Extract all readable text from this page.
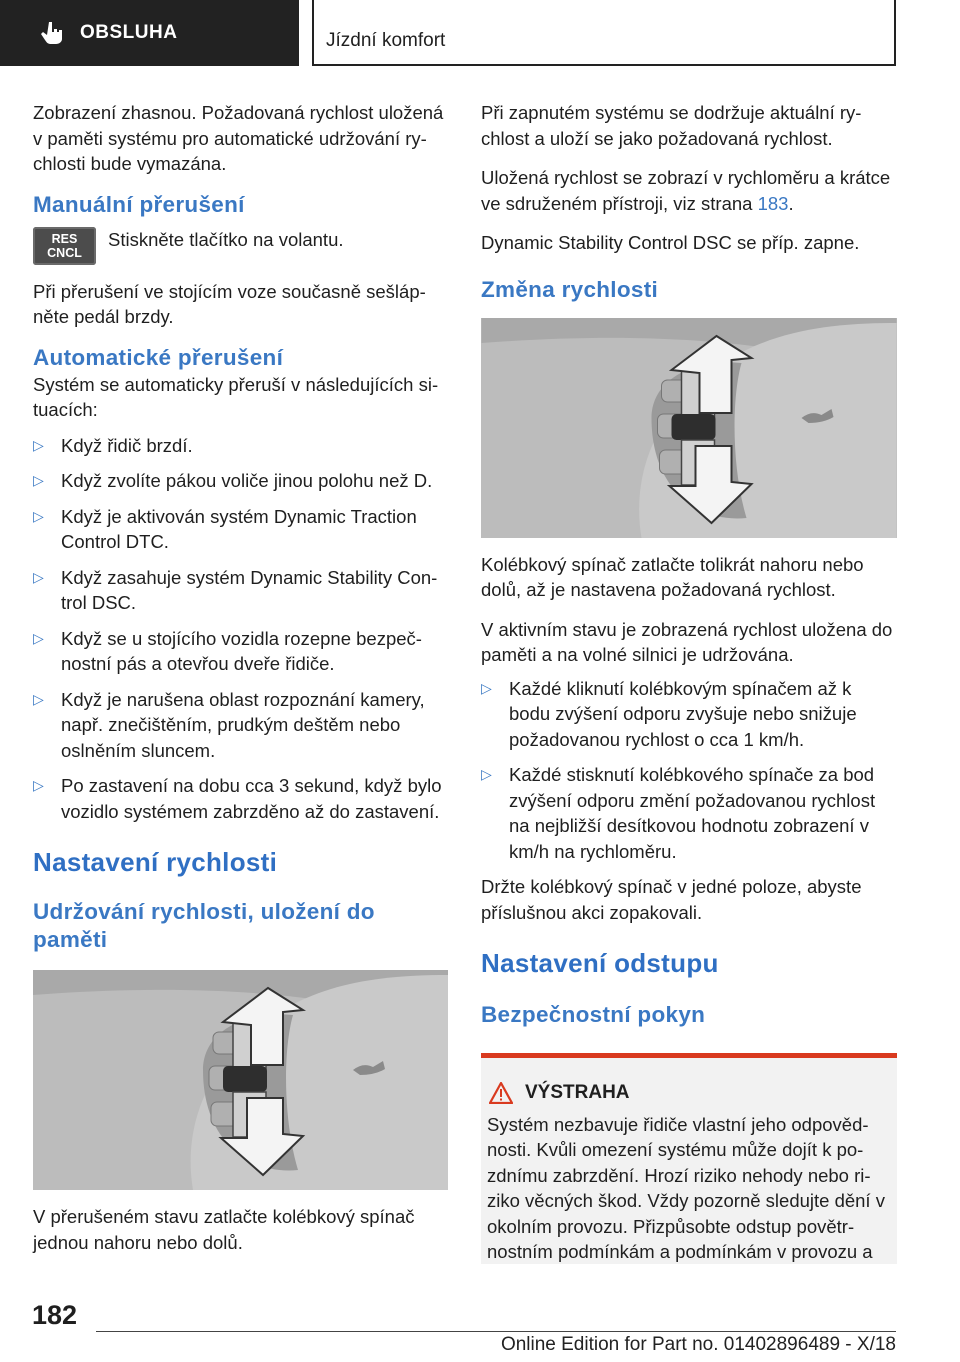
OBSLUHA	Jízdní komfort

Zobrazení zhasnou. Požadovaná rychlost uložená v paměti systému pro automatické udržování rychlosti bude vymazána.

Manuální přerušení
RES
CNCL
Stiskněte tlačítko na volantu.

Při přerušení ve stojícím voze současně sešlápněte pedál brzdy.

Automatické přerušení

Systém se automaticky přeruší v následujících situacích:

▷ Když řidič brzdí.
▷ Když zvolíte pákou voliče jinou polohu než D.
▷ Když je aktivován systém Dynamic Traction Control DTC.
▷ Když zasahuje systém Dynamic Stability Control DSC.
▷ Když se u stojícího vozidla rozepne bezpečnostní pás a otevřou dveře řidiče.
▷ Když je narušena oblast rozpoznání kamery, např. znečištěním, prudkým deštěm nebo oslněním sluncem.
▷ Po zastavení na dobu cca 3 sekund, když bylo vozidlo systémem zabrzděno až do zastavení.
Nastavení rychlosti
Udržování rychlosti, uložení do paměti

V přerušeném stavu zatlačte kolébkový spínač jednou nahoru nebo dolů.

Při zapnutém systému se dodržuje aktuální rychlost a uloží se jako požadovaná rychlost.

Uložená rychlost se zobrazí v rychloměru a krátce ve sdruženém přístroji, viz strana 183.

Dynamic Stability Control DSC se příp. zapne.

Změna rychlosti

Kolébkový spínač zatlačte tolikrát nahoru nebo dolů, až je nastavena požadovaná rychlost.

V aktivním stavu je zobrazená rychlost uložena do paměti a na volné silnici je udržována.

▷ Každé kliknutí kolébkovým spínačem až k bodu zvýšení odporu zvyšuje nebo snižuje požadovanou rychlost o cca 1 km/h.
▷ Každé stisknutí kolébkového spínače za bod zvýšení odporu změní požadovanou rychlost na nejbližší desítkovou hodnotu zobrazení v km/h na rychloměru.

Držte kolébkový spínač v jedné poloze, abyste příslušnou akci zopakovali.

Nastavení odstupu
Bezpečnostní pokyn
VÝSTRAHA
Systém nezbavuje řidiče vlastní jeho odpovědnosti. Kvůli omezení systému může dojít k pozdnímu zabrzdění. Hrozí riziko nehody nebo riziko věcných škod. Vždy pozorně sledujte dění v okolním provozu. Přizpůsobte odstup povětrnostním podmínkám a podmínkám v provozu a
182
Online Edition for Part no. 01402896489 - X/18
